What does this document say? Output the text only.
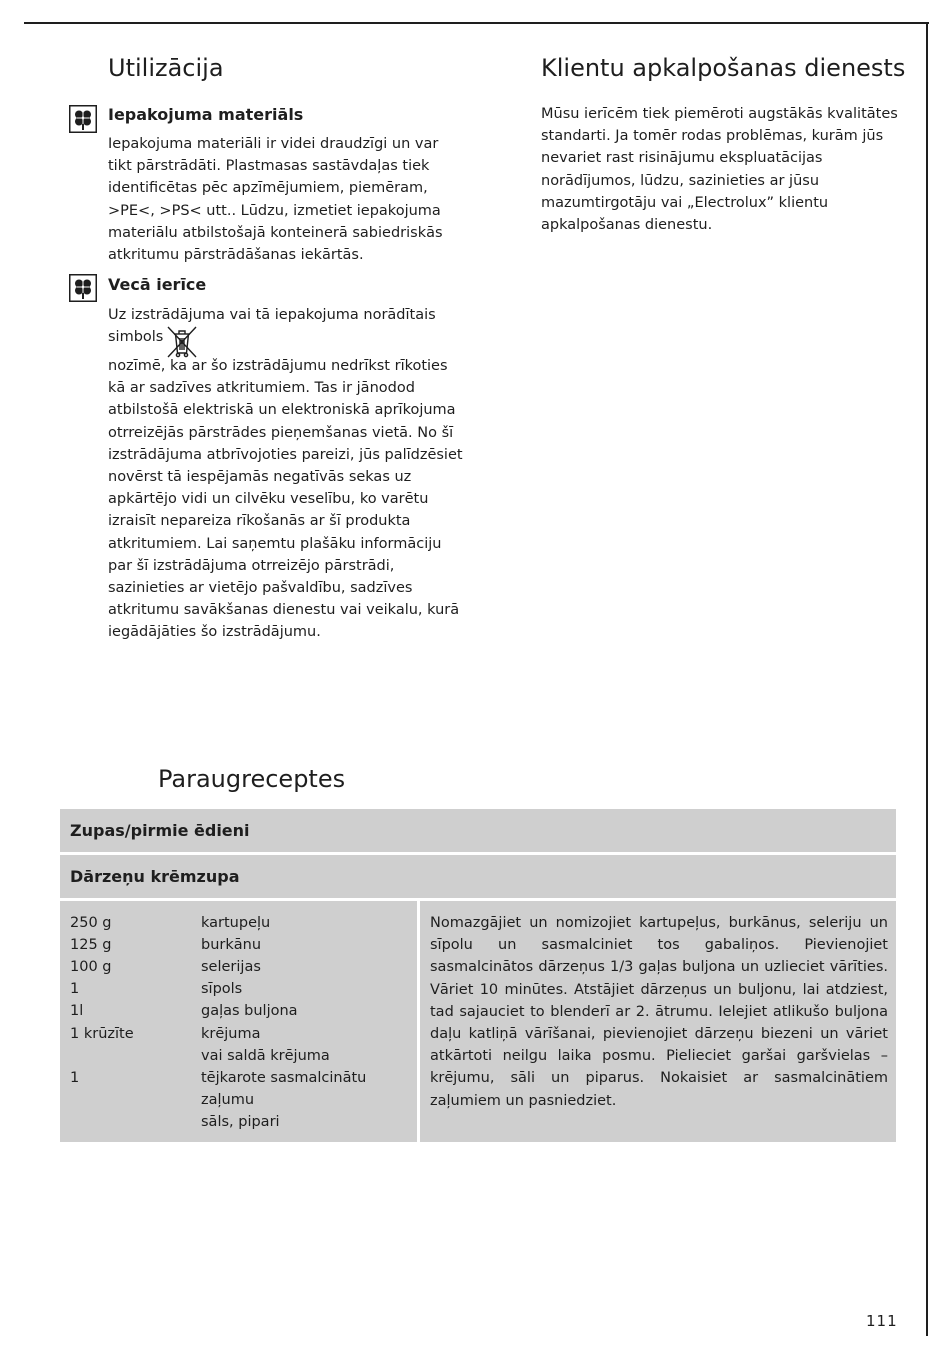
Utilizācija
Iepakojuma materiāls

Iepakojuma materiāli ir videi draudzīgi un var tikt pārstrādāti. Plastmasas sastāvdaļas tiek identificētas pēc apzīmējumiem, piemēram, >PE<, >PS< utt.. Lūdzu, izmetiet iepakojuma materiālu atbilstošajā konteinerā sabiedriskās atkritumu pārstrādāšanas iekārtās.

Vecā ierīce

Uz izstrādājuma vai tā iepakojuma norādītais simbols

nozīmē, ka ar šo izstrādājumu nedrīkst rīkoties kā ar sadzīves atkritumiem. Tas ir jānodod atbilstošā elektriskā un elektroniskā aprīkojuma otrreizējās pārstrādes pieņemšanas vietā. No šī izstrādājuma atbrīvojoties pareizi, jūs palīdzēsiet novērst tā iespējamās negatīvās sekas uz apkārtējo vidi un cilvēku veselību, ko varētu izraisīt nepareiza rīkošanās ar šī produkta atkritumiem. Lai saņemtu plašāku informāciju par šī izstrādājuma otrreizējo pārstrādi, sazinieties ar vietējo pašvaldību, sadzīves atkritumu savākšanas dienestu vai veikalu, kurā iegādājāties šo izstrādājumu.

Klientu apkalpošanas dienests

Mūsu ierīcēm tiek piemēroti augstākās kvalitātes standarti. Ja tomēr rodas problēmas, kurām jūs nevariet rast risinājumu ekspluatācijas norādījumos, lūdzu, sazinieties ar jūsu mazumtirgotāju vai „Electrolux” klientu apkalpošanas dienestu.

Paraugreceptes
Zupas/pirmie ēdieni
Dārzeņu krēmzupa
250 g	kartupeļu
125 g	burkānu
100 g	selerijas
1	sīpols
1l	gaļas buljona
1 krūzīte	krējuma
vai saldā krējuma
1	tējkarote sasmalcinātu zaļumu
sāls, pipari

Nomazgājiet un nomizojiet kartupeļus, burkānus, seleriju un sīpolu un sasmalciniet tos gabaliņos. Pievienojiet sasmalcinātos dārzeņus 1/3 gaļas buljona un uzlieciet vārīties. Vāriet 10 minūtes. Atstājiet dārzeņus un buljonu, lai atdziest, tad sajauciet to blenderī ar 2. ātrumu. Ielejiet atlikušo buljona daļu katliņā vārīšanai, pievienojiet dārzeņu biezeni un vāriet atkārtoti neilgu laika posmu. Pielieciet garšai garšvielas – krējumu, sāli un piparus. Nokaisiet ar sasmalcinātiem zaļumiem un pasniedziet.

111
